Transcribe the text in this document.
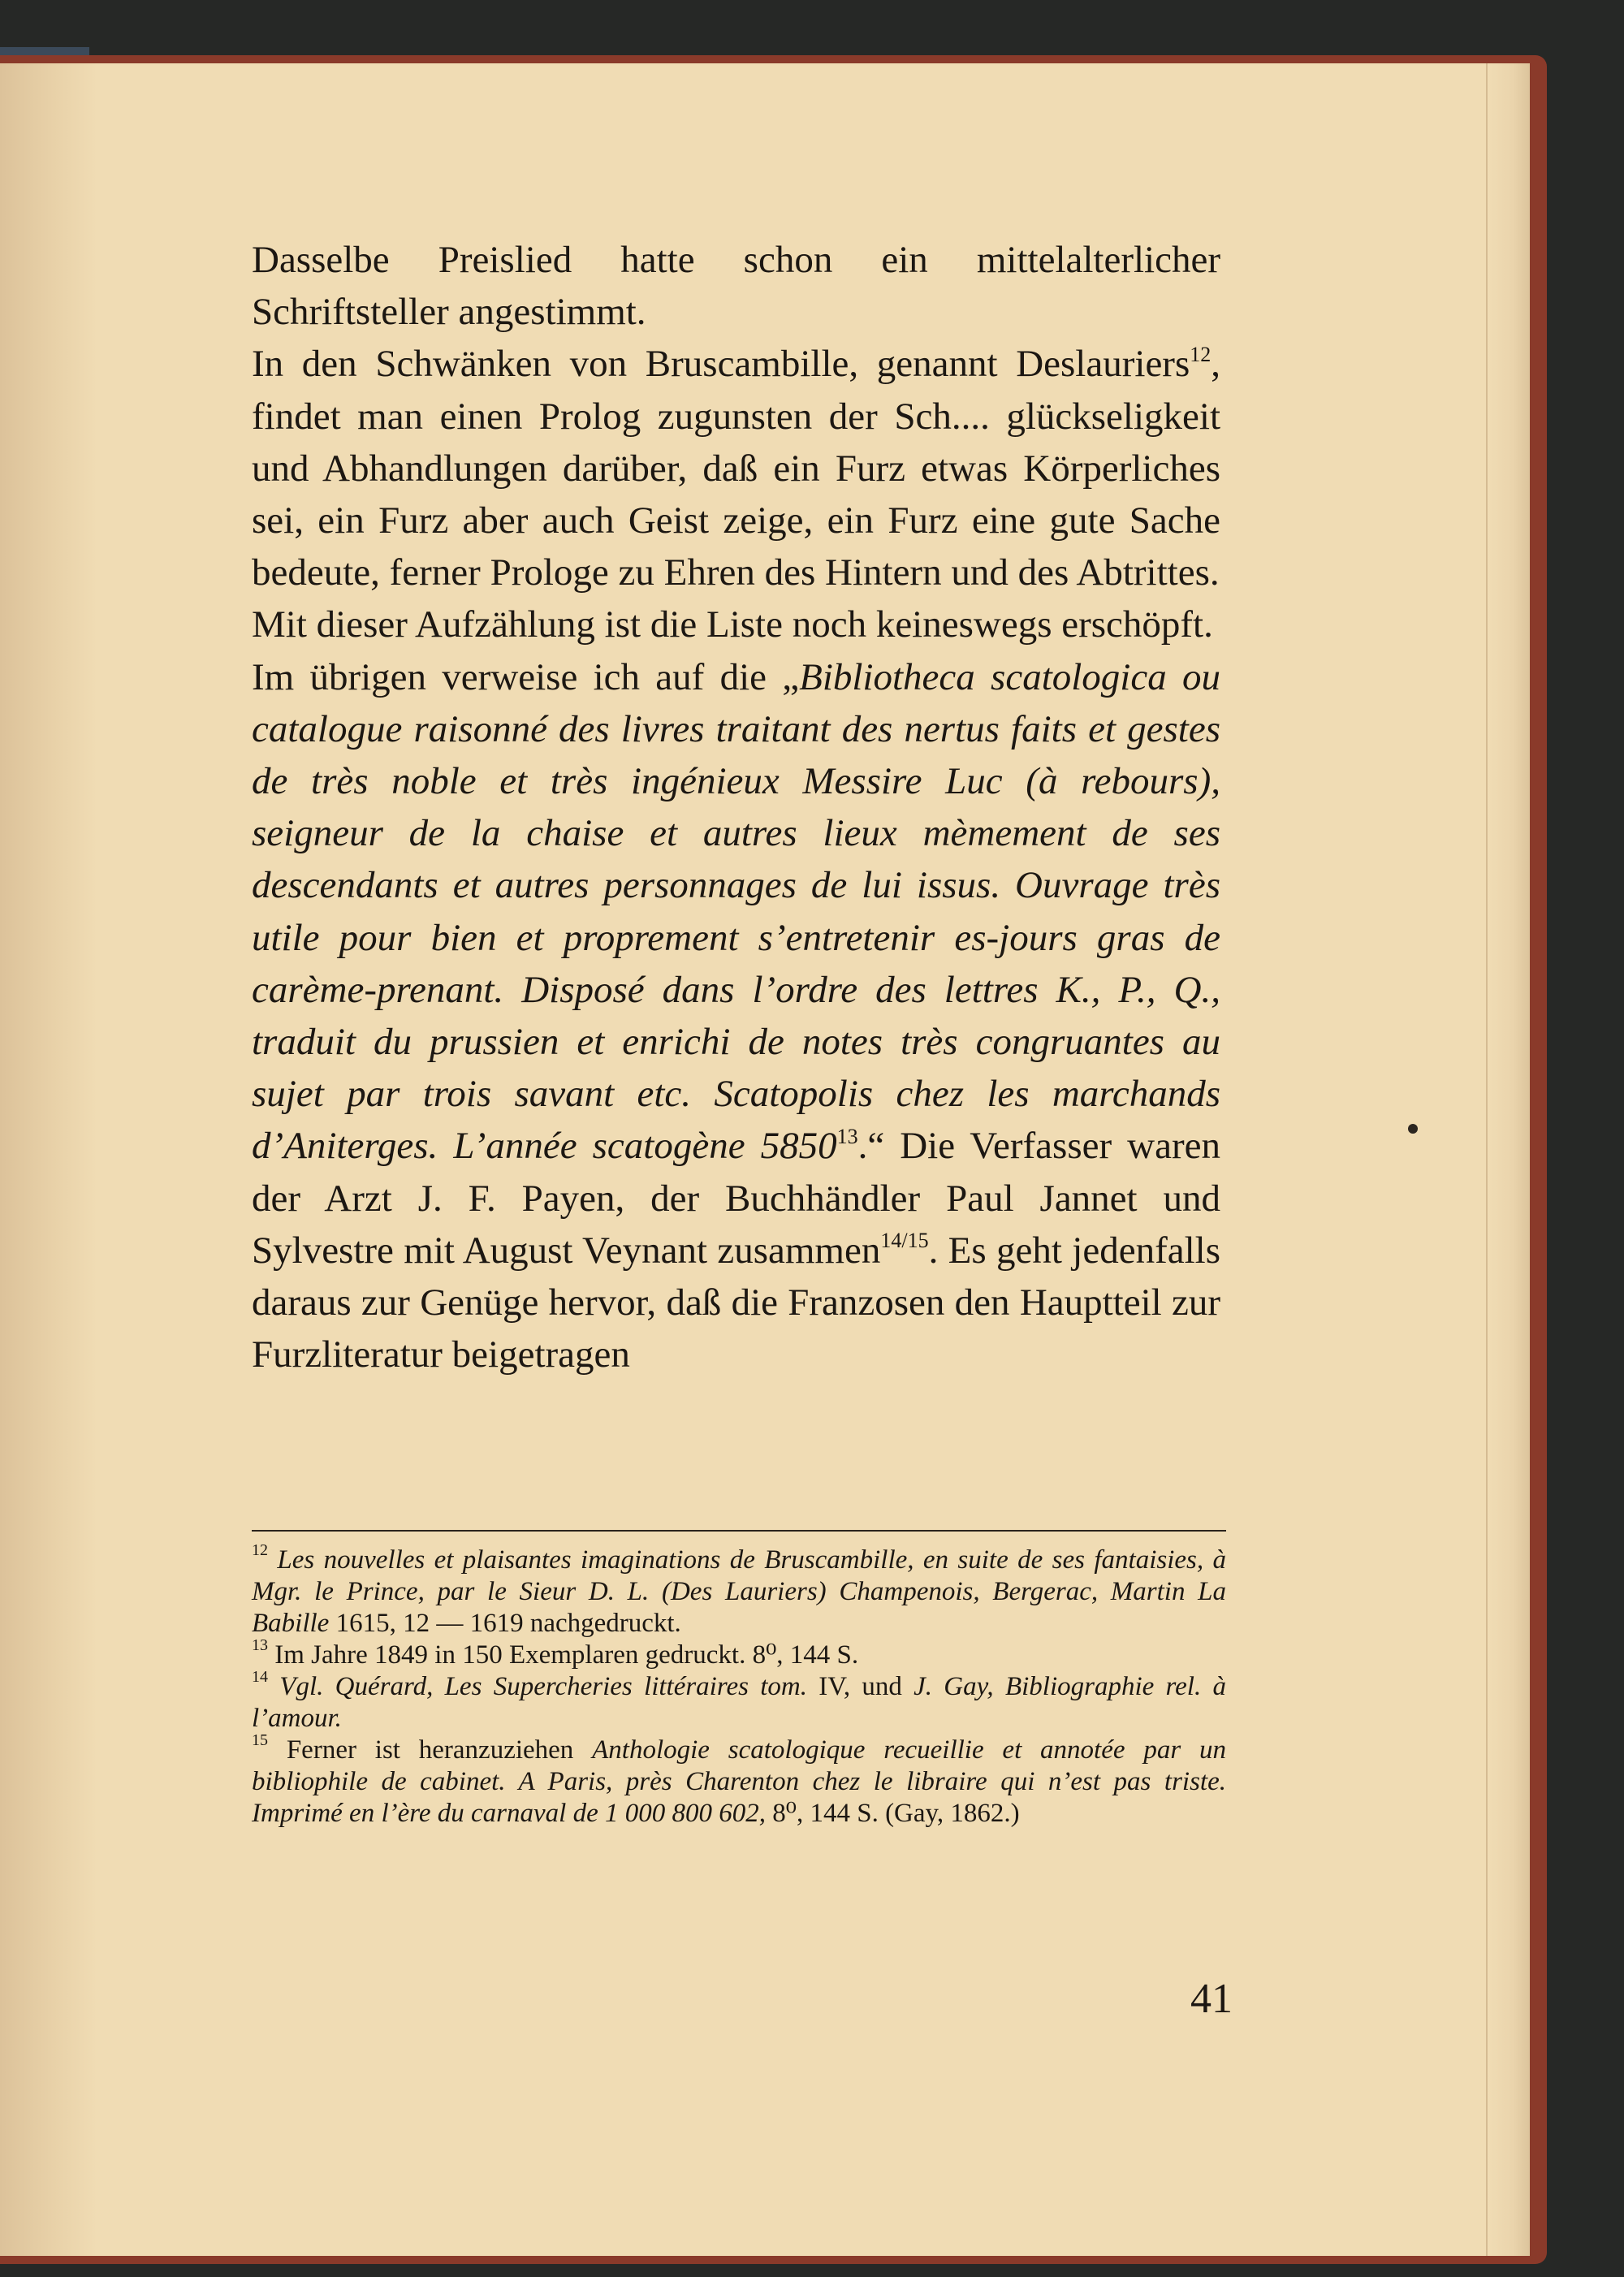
Dasselbe Preislied hatte schon ein mittelalterlicher Schriftsteller angestimmt.

In den Schwänken von Bruscambille, genannt Deslauriers$^{12}$, findet man einen Prolog zugunsten der Sch.... glückseligkeit und Abhandlungen darüber, daß ein Furz etwas Körperliches sei, ein Furz aber auch Geist zeige, ein Furz eine gute Sache bedeute, ferner Prologe zu Ehren des Hintern und des Abtrittes.

Mit dieser Aufzählung ist die Liste noch keineswegs erschöpft.

Im übrigen verweise ich auf die „Bibliotheca scatologica ou catalogue raisonné des livres traitant des nertus faits et gestes de très noble et très ingénieux Messire Luc (à rebours), seigneur de la chaise et autres lieux mèmement de ses descendants et autres personnages de lui issus. Ouvrage très utile pour bien et proprement s’entretenir es-jours gras de carème-prenant. Disposé dans l’ordre des lettres K., P., Q., traduit du prussien et enrichi de notes très congruantes au sujet par trois savant etc. Scatopolis chez les marchands d’Aniterges. L’année scatogène 5850$^{13}$.“ Die Verfasser waren der Arzt J. F. Payen, der Buchhändler Paul Jannet und Sylvestre mit August Veynant zusammen$^{14/15}$. Es geht jedenfalls daraus zur Genüge hervor, daß die Franzosen den Hauptteil zur Furzliteratur beigetragen

$^{12}$ Les nouvelles et plaisantes imaginations de Bruscambille, en suite de ses fantaisies, à Mgr. le Prince, par le Sieur D. L. (Des Lauriers) Champenois, Bergerac, Martin La Babille 1615, 12 — 1619 nachgedruckt.

$^{13}$ Im Jahre 1849 in 150 Exemplaren gedruckt. 8⁰, 144 S.

$^{14}$ Vgl. Quérard, Les Supercheries littéraires tom. IV, und J. Gay, Bibliographie rel. à l’amour.

$^{15}$ Ferner ist heranzuziehen Anthologie scatologique recueillie et annotée par un bibliophile de cabinet. A Paris, près Charenton chez le libraire qui n’est pas triste. Imprimé en l’ère du carnaval de 1 000 800 602, 8⁰, 144 S. (Gay, 1862.)

41
